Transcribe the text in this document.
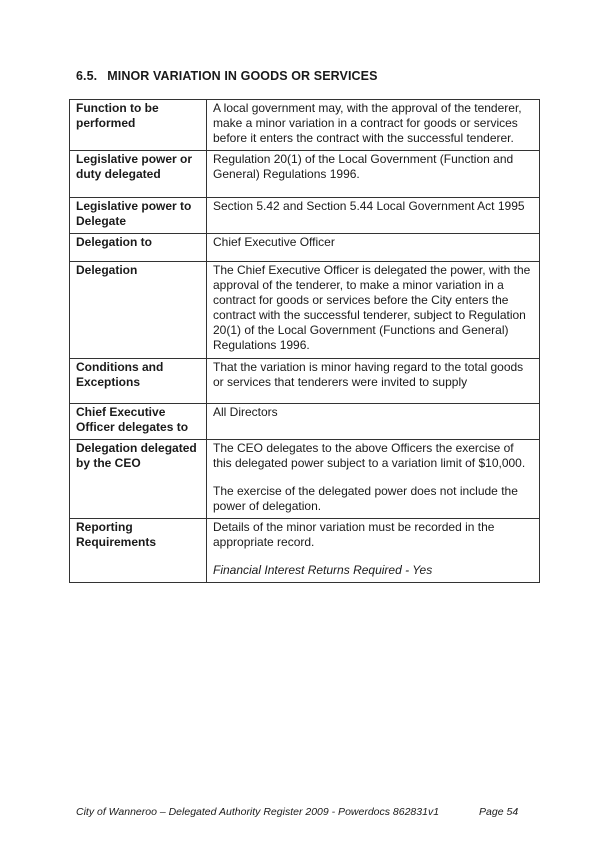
6.5. MINOR VARIATION IN GOODS OR SERVICES
Function to be performed	A local government may, with the approval of the tenderer, make a minor variation in a contract for goods or services before it enters the contract with the successful tenderer.

Legislative power or duty delegated	Regulation 20(1) of the Local Government (Function and General) Regulations 1996.

Legislative power to Delegate	Section 5.42 and Section 5.44 Local Government Act 1995

Delegation to	Chief Executive Officer

Delegation	The Chief Executive Officer is delegated the power, with the approval of the tenderer, to make a minor variation in a contract for goods or services before the City enters the contract with the successful tenderer, subject to Regulation 20(1) of the Local Government (Functions and General) Regulations 1996.

Conditions and Exceptions	That the variation is minor having regard to the total goods or services that tenderers were invited to supply

Chief Executive Officer delegates to	All Directors

Delegation delegated by the CEO	The CEO delegates to the above Officers the exercise of this delegated power subject to a variation limit of $10,000.
The exercise of the delegated power does not include the power of delegation.

Reporting Requirements	Details of the minor variation must be recorded in the appropriate record.
Financial Interest Returns Required - Yes
City of Wanneroo – Delegated Authority Register 2009 - Powerdocs 862831v1	Page 54
